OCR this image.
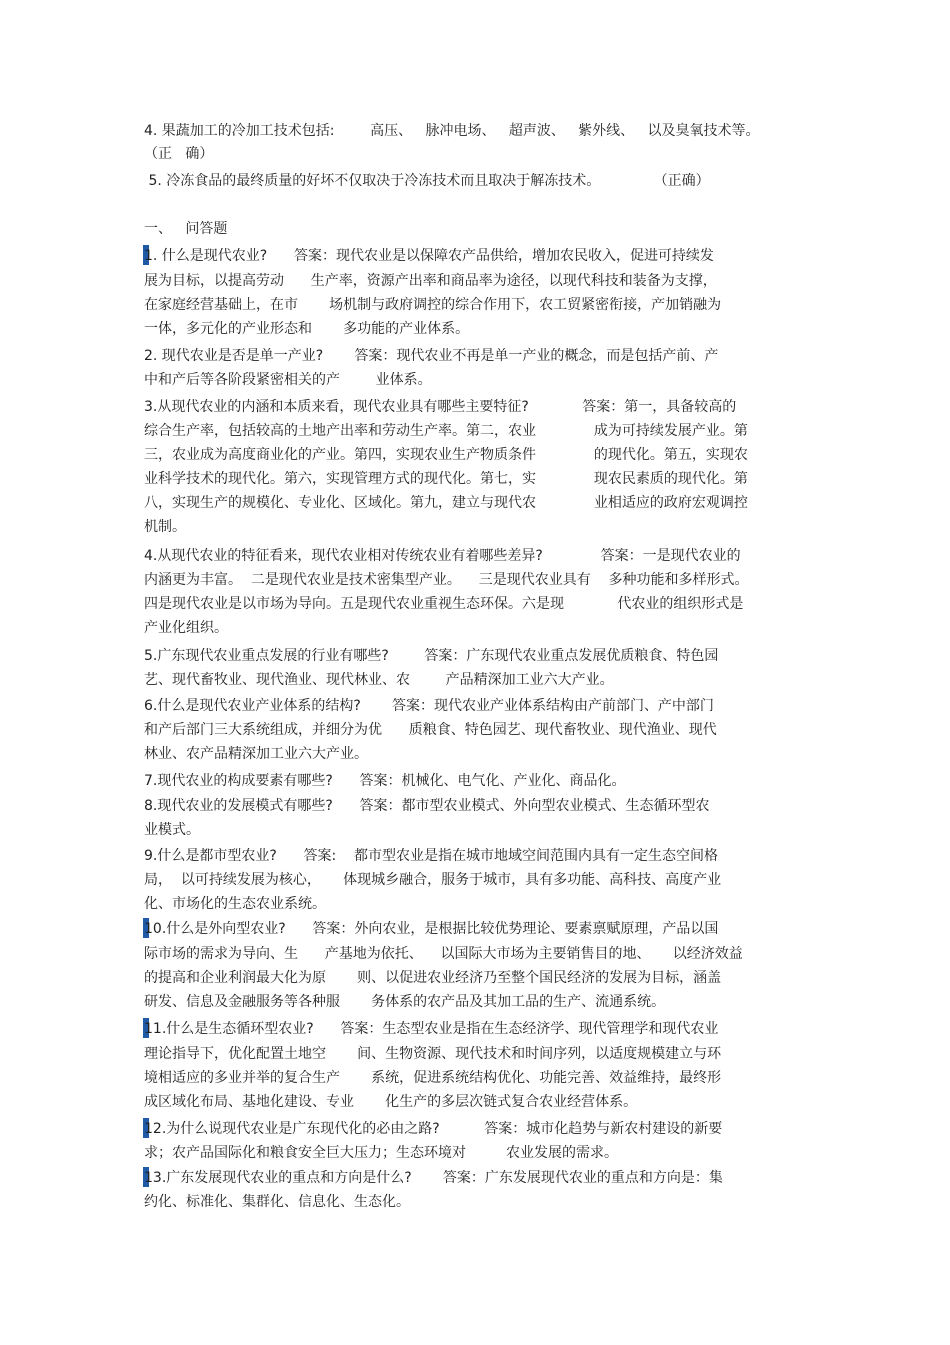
4. 果蔬加工的冷加工技术包括:        高压、   脉冲电场、   超声波、   紫外线、   以及臭氧技术等。

（正   确）

5. 冷冻食品的最终质量的好坏不仅取决于冷冻技术而且取决于解冻技术。            （正确）

一、   问答题

1. 什么是现代农业?      答案：现代农业是以保障农产品供给，增加农民收入，促进可持续发

展为目标，以提高劳动      生产率，资源产出率和商品率为途径，以现代科技和装备为支撑，

在家庭经营基础上，在市       场机制与政府调控的综合作用下，农工贸紧密衔接，产加销融为

一体，多元化的产业形态和       多功能的产业体系。

2. 现代农业是否是单一产业?       答案：现代农业不再是单一产业的概念，而是包括产前、产

中和产后等各阶段紧密相关的产        业体系。

3.从现代农业的内涵和本质来看，现代农业具有哪些主要特征?            答案：第一，具备较高的

综合生产率，包括较高的土地产出率和劳动生产率。第二，农业             成为可持续发展产业。第

三，农业成为高度商业化的产业。第四，实现农业生产物质条件             的现代化。第五，实现农

业科学技术的现代化。第六，实现管理方式的现代化。第七，实             现农民素质的现代化。第

八，实现生产的规模化、专业化、区域化。第九，建立与现代农             业相适应的政府宏观调控

机制。

4.从现代农业的特征看来，现代农业相对传统农业有着哪些差异?             答案：一是现代农业的

内涵更为丰富。  二是现代农业是技术密集型产业。    三是现代农业具有    多种功能和多样形式。

四是现代农业是以市场为导向。五是现代农业重视生态环保。六是现            代农业的组织形式是

产业化组织。

5.广东现代农业重点发展的行业有哪些?        答案：广东现代农业重点发展优质粮食、特色园

艺、现代畜牧业、现代渔业、现代林业、农        产品精深加工业六大产业。

6.什么是现代农业产业体系的结构?       答案：现代农业产业体系结构由产前部门、产中部门

和产后部门三大系统组成，并细分为优      质粮食、特色园艺、现代畜牧业、现代渔业、现代

林业、农产品精深加工业六大产业。

7.现代农业的构成要素有哪些?      答案：机械化、电气化、产业化、商品化。

8.现代农业的发展模式有哪些?      答案：都市型农业模式、外向型农业模式、生态循环型农

业模式。

9.什么是都市型农业?      答案:    都市型农业是指在城市地域空间范围内具有一定生态空间格

局，  以可持续发展为核心，     体现城乡融合，服务于城市，具有多功能、高科技、高度产业

化、市场化的生态农业系统。

10.什么是外向型农业?      答案：外向农业，是根据比较优势理论、要素禀赋原理，产品以国

际市场的需求为导向、生      产基地为依托、    以国际大市场为主要销售目的地、     以经济效益

的提高和企业利润最大化为原       则、以促进农业经济乃至整个国民经济的发展为目标，涵盖

研发、信息及金融服务等各种服       务体系的农产品及其加工品的生产、流通系统。

11.什么是生态循环型农业?      答案：生态型农业是指在生态经济学、现代管理学和现代农业

理论指导下，优化配置土地空       间、生物资源、现代技术和时间序列，以适度规模建立与环

境相适应的多业并举的复合生产       系统，促进系统结构优化、功能完善、效益维持，最终形

成区域化布局、基地化建设、专业       化生产的多层次链式复合农业经营体系。

12.为什么说现代农业是广东现代化的必由之路?          答案：城市化趋势与新农村建设的新要

求；农产品国际化和粮食安全巨大压力；生态环境对         农业发展的需求。

13.广东发展现代农业的重点和方向是什么?       答案：广东发展现代农业的重点和方向是：集

约化、标准化、集群化、信息化、生态化。
